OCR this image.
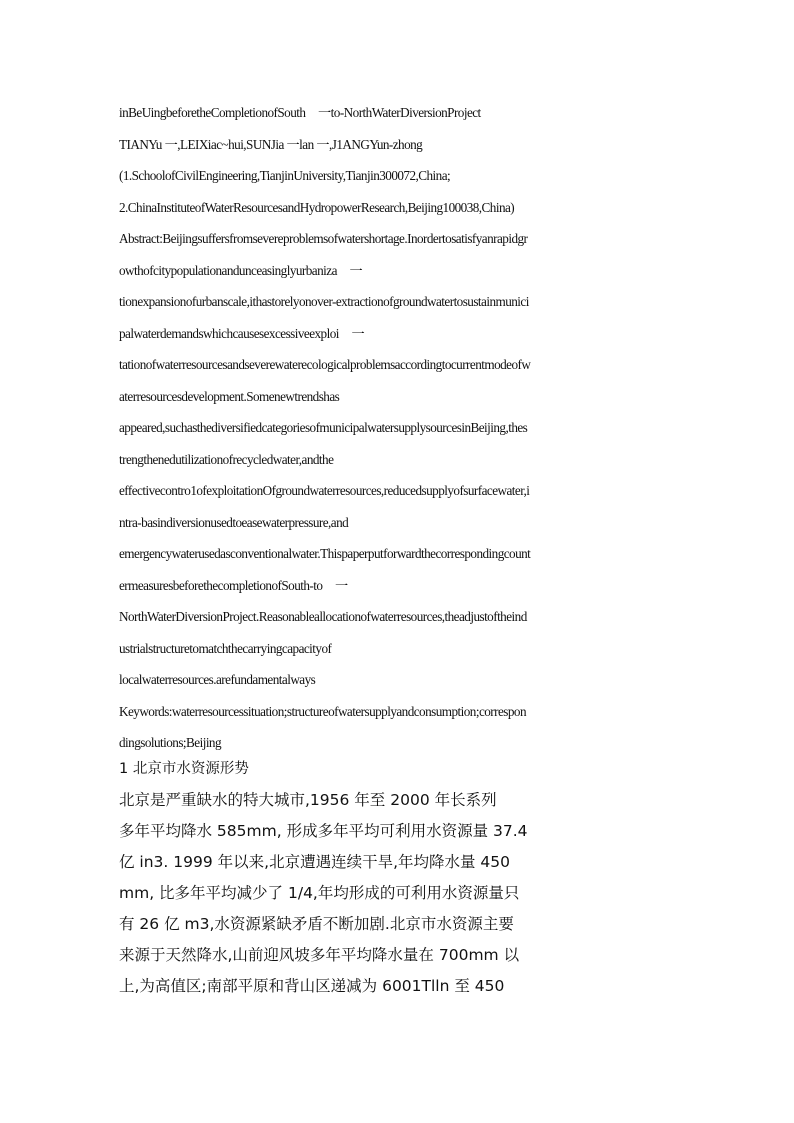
inBeUingbeforetheCompletionofSouth　一to-NorthWaterDiversionProject
TIANYu 一,LEIXiac~hui,SUNJia 一lan 一,J1ANGYun-zhong
(1.SchoolofCivilEngineering,TianjinUniversity,Tianjin300072,China;
2.ChinaInstituteofWaterResourcesandHydropowerResearch,Beijing100038,China)
Abstract:Beijingsuffersfromsevereproblemsofwatershortage.Inordertosatisfyanrapidgr
owthofcitypopulationandunceasinglyurbaniza　一
tionexpansionofurbanscale,ithastorelyonover-extractionofgroundwatertosustainmunici
palwaterdemandswhichcausesexcessiveexploi　一
tationofwaterresourcesandseverewaterecologicalproblemsaccordingtocurrentmodeofw
aterresourcesdevelopment.Somenewtrendshas
appeared,suchasthediversifiedcategoriesofmunicipalwatersupplysourcesinBeijing,thes
trengthenedutilizationofrecycledwater,andthe
effectivecontro1ofexploitationOfgroundwaterresources,reducedsupplyofsurfacewater,i
ntra-basindiversionusedtoeasewaterpressure,and
emergencywaterusedasconventionalwater.Thispaperputforwardthecorrespondingcount
ermeasuresbeforethecompletionofSouth-to　一
NorthWaterDiversionProject.Reasonableallocationofwaterresources,theadjustoftheind
ustrialstructuretomatchthecarryingcapacityof
localwaterresources.arefundamentalways
Keywords:waterresourcessituation;structureofwatersupplyandconsumption;correspon
dingsolutions;Beijing
1 北京市水资源形势
北京是严重缺水的特大城市,1956 年至 2000 年长系列
多年平均降水 585mm, 形成多年平均可利用水资源量 37.4
亿 in3. 1999 年以来,北京遭遇连续干旱,年均降水量 450
mm, 比多年平均减少了 1/4,年均形成的可利用水资源量只
有 26 亿 m3,水资源紧缺矛盾不断加剧.北京市水资源主要
来源于天然降水,山前迎风坡多年平均降水量在 700mm 以
上,为高值区;南部平原和背山区递减为 6001Tlln 至 450
